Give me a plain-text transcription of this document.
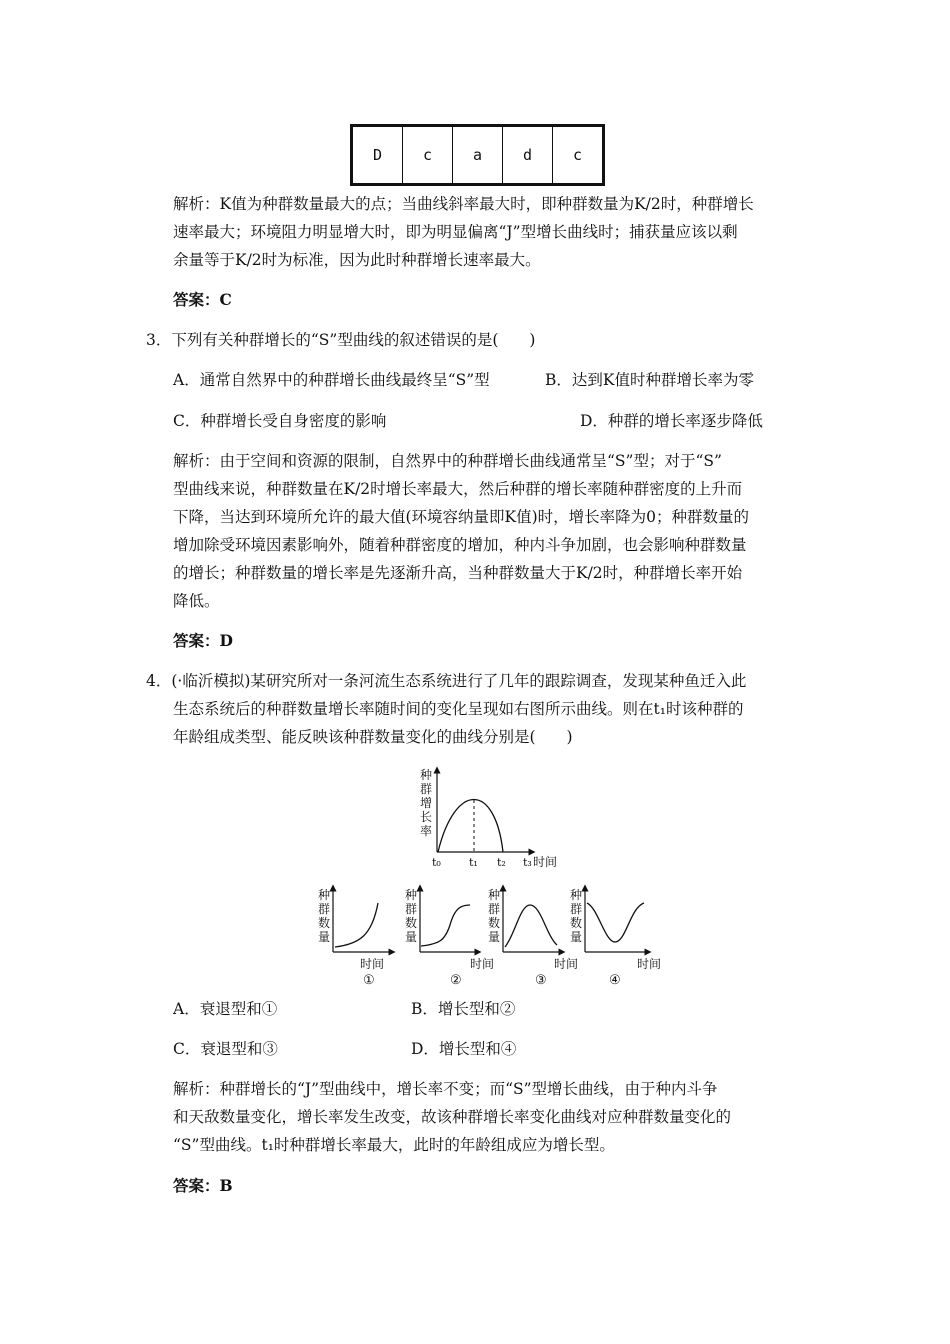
D	c	a	d	c
解析：K值为种群数量最大的点；当曲线斜率最大时，即种群数量为K/2时，种群增长
速率最大；环境阻力明显增大时，即为明显偏离“J”型增长曲线时；捕获量应该以剩
余量等于K/2时为标准，因为此时种群增长速率最大。
答案：C
3．下列有关种群增长的“S”型曲线的叙述错误的是(　　)
A．通常自然界中的种群增长曲线最终呈“S”型	B．达到K值时种群增长率为零
C．种群增长受自身密度的影响	D．种群的增长率逐步降低
解析：由于空间和资源的限制，自然界中的种群增长曲线通常呈“S”型；对于“S”
型曲线来说，种群数量在K/2时增长率最大，然后种群的增长率随种群密度的上升而
下降，当达到环境所允许的最大值(环境容纳量即K值)时，增长率降为0；种群数量的
增加除受环境因素影响外，随着种群密度的增加，种内斗争加剧，也会影响种群数量
的增长；种群数量的增长率是先逐渐升高，当种群数量大于K/2时，种群增长率开始
降低。
答案：D
4．(·临沂模拟)某研究所对一条河流生态系统进行了几年的跟踪调查，发现某种鱼迁入此
生态系统后的种群数量增长率随时间的变化呈现如右图所示曲线。则在t₁时该种群的
年龄组成类型、能反映该种群数量变化的曲线分别是(　　)
种
群
增
长
率
t₀	t₁ t₂ t₃ 时间
种
群
数
量
时间
①
种
群
数
量
时间
②
种
群
数
量
时间
③
种
群
数
量
时间
④
A．衰退型和①	B．增长型和②
C．衰退型和③	D．增长型和④
解析：种群增长的“J”型曲线中，增长率不变；而“S”型增长曲线，由于种内斗争
和天敌数量变化，增长率发生改变，故该种群增长率变化曲线对应种群数量变化的
“S”型曲线。t₁时种群增长率最大，此时的年龄组成应为增长型。
答案：B
